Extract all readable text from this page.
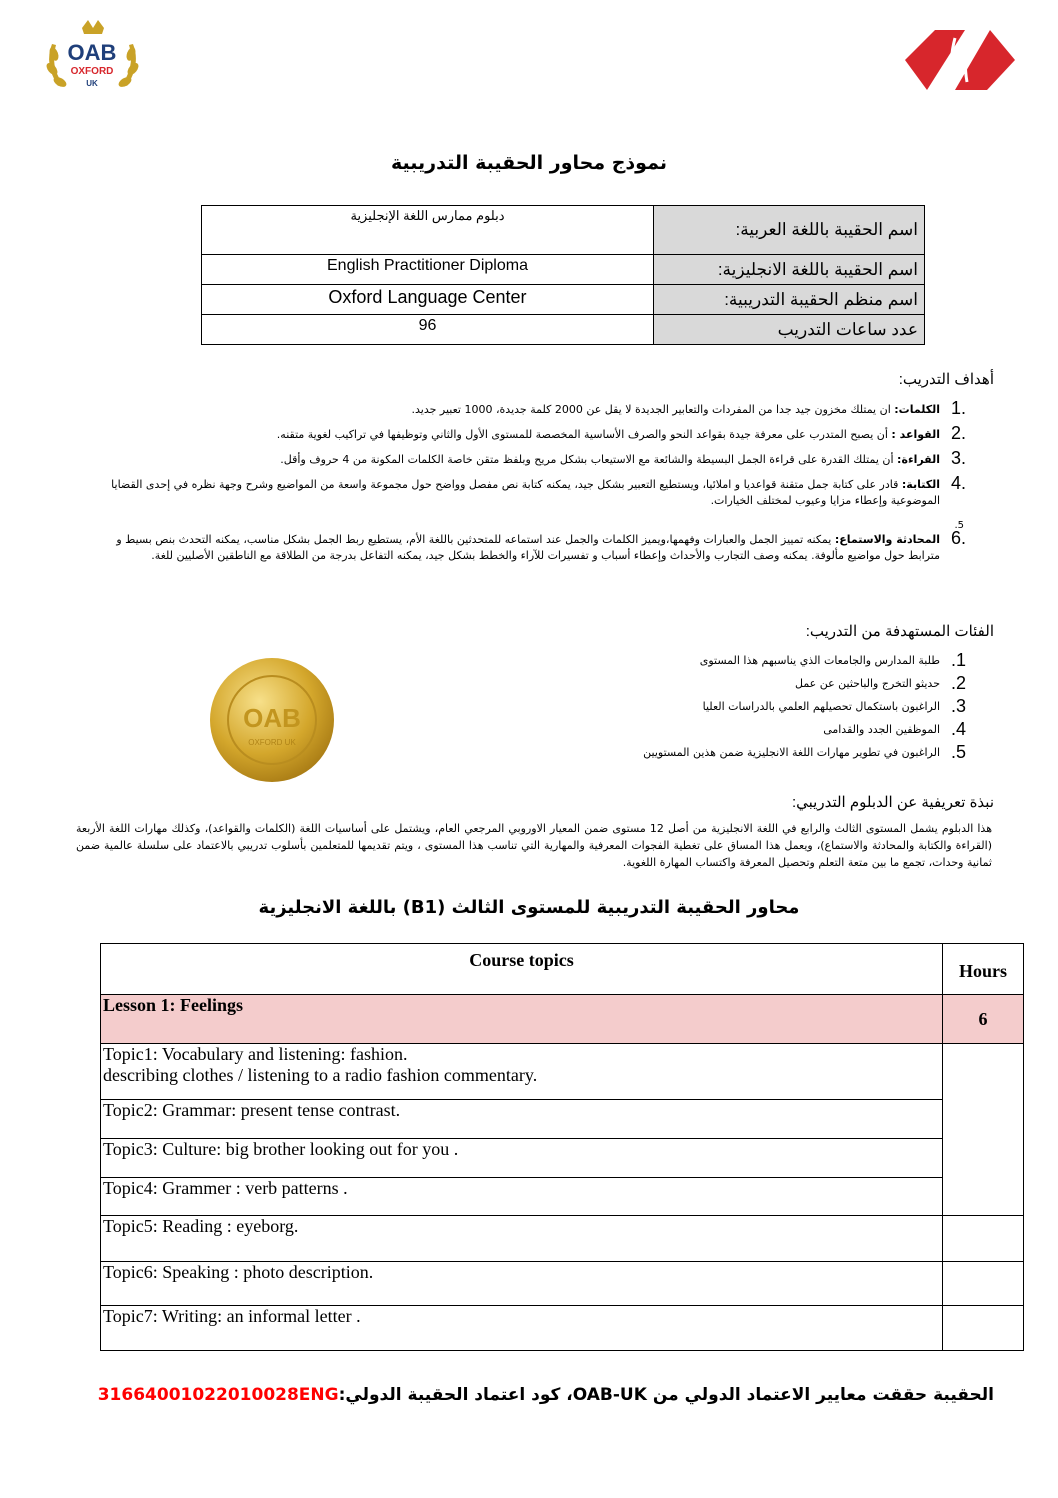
OAB
OXFORD
UK
نموذج محاور الحقيبة التدريبية
دبلوم ممارس اللغة الإنجليزية	اسم الحقيبة باللغة العربية:
English Practitioner Diploma	اسم الحقيبة باللغة الانجليزية:
Oxford Language Center	اسم منظم الحقيبة التدريبية:
96	عدد ساعات التدريب
أهداف التدريب:
1.
الكلمات: ان يمتلك مخزون جيد جدا من المفردات والتعابير الجديدة لا يقل عن 2000 كلمة جديدة، 1000 تعبير جديد.
2.
القواعد : أن يصبح المتدرب على معرفة جيدة بقواعد النحو والصرف الأساسية المخصصة للمستوى الأول والثاني وتوظيفها في تراكيب لغوية متقنه.
3.
القراءة: أن يمتلك القدرة على قراءة الجمل البسيطة والشائعة مع الاستيعاب بشكل مريح وبلفظ متقن خاصة الكلمات المكونة من 4 حروف وأقل.
4.
الكتابة: قادر على كتابة جمل متقنة قواعديا و املائيا، ويستطيع التعبير بشكل جيد، يمكنه كتابة نص مفصل وواضح حول مجموعة واسعة من المواضيع وشرح وجهة نظره في إحدى القضايا الموضوعية وإعطاء مزايا وعيوب لمختلف الخيارات.
5.
6.
المحادثة والاستماع: يمكنه تمييز الجمل والعبارات وفهمها،ويميز الكلمات والجمل عند استماعه للمتحدثين باللغة الأم، يستطيع ربط الجمل بشكل مناسب، يمكنه التحدث بنص بسيط و مترابط حول مواضيع مألوفة. يمكنه وصف التجارب والأحداث وإعطاء أسباب و تفسيرات للآراء والخطط بشكل جيد، يمكنه التفاعل بدرجة من الطلاقة مع الناطقين الأصليين للغة.
الفئات المستهدفة من التدريب:
1.
طلبة المدارس والجامعات الذي يناسبهم هذا المستوى
2.
حديثو التخرج والباحثين عن عمل
3.
الراغبون باستكمال تحصيلهم العلمي بالدراسات العليا
4.
الموظفين الجدد والقدامى
5.
الراغبون في تطوير مهارات اللغة الانجليزية ضمن هذين المستويين
OAB
OXFORD UK
نبذة تعريفية عن الدبلوم التدريبي:
هذا الدبلوم يشمل المستوى الثالث والرابع في اللغة الانجليزية من أصل 12 مستوى ضمن المعيار الاوروبي المرجعي العام، ويشتمل على أساسيات اللغة (الكلمات والقواعد)، وكذلك مهارات اللغة الأربعة (القراءة والكتابة والمحادثة والاستماع)، ويعمل هذا المساق على تغطية الفجوات المعرفية والمهارية التي تناسب هذا المستوى ، ويتم تقديمها للمتعلمين بأسلوب تدريبي بالاعتماد على سلسلة عالمية ضمن ثمانية وحدات، تجمع ما بين متعة التعلم وتحصيل المعرفة واكتساب المهارة اللغوية.
محاور الحقيبة التدريبية للمستوى الثالث (B1) باللغة الانجليزية
Course topics	Hours
Lesson 1: Feelings	6

Topic1: Vocabulary and listening: fashion.
describing clothes / listening to a radio fashion commentary.	

Topic2: Grammar: present tense contrast.	
Topic3: Culture: big brother looking out for you .	
Topic4: Grammer : verb patterns .	
Topic5: Reading : eyeborg.	
Topic6: Speaking : photo description.	
Topic7: Writing: an informal letter .	
الحقيبة حققت معايير الاعتماد الدولي من OAB-UK، كود اعتماد الحقيبة الدولي:3166400102201002‌8ENG
